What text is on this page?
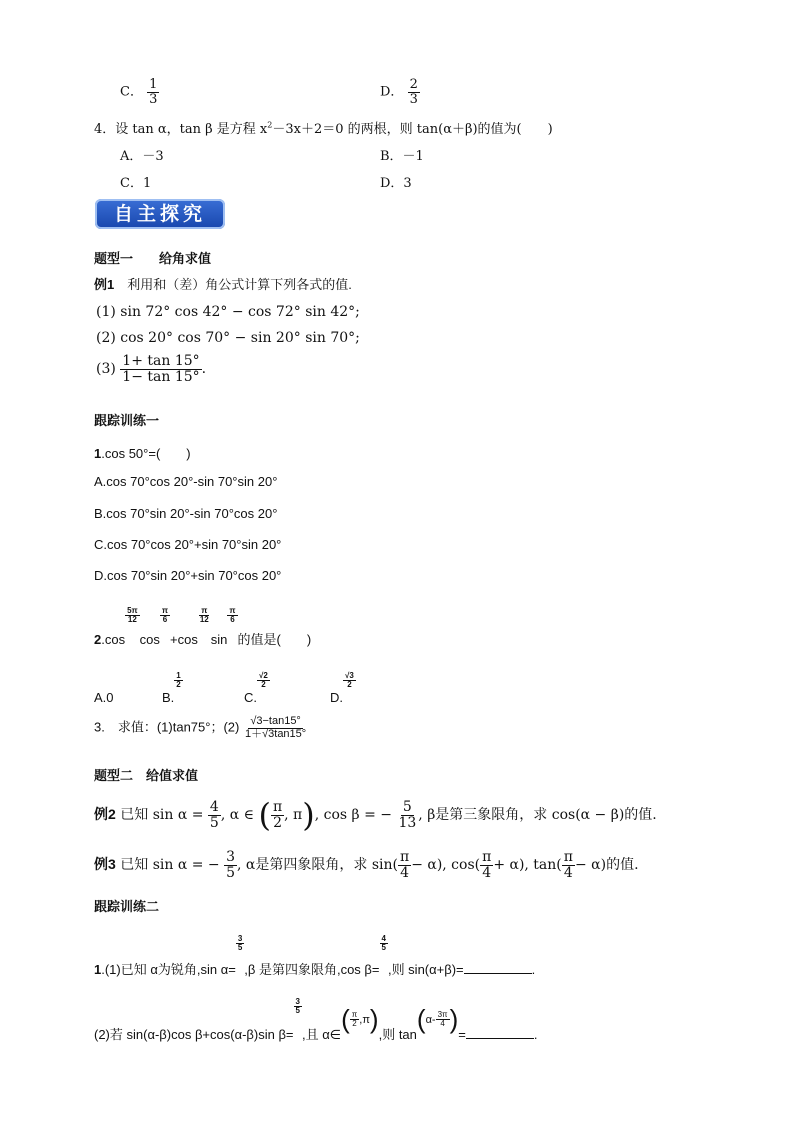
C． $\frac{1}{3}$	D． $\frac{2}{3}$
4．设 tan α，tan β 是方程 $x^2-3x+2=0$ 的两根，则 tan(α＋β)的值为(　　)
A．－3	B．－1
C．1	D．3
自主探究
题型一　　给角求值
例1　利用和（差）角公式计算下列各式的值.
(1) sin 72° cos 42° − cos 72° sin 42°;
(2) cos 20° cos 70° − sin 20° sin 70°;
$(3) \frac{1+ \tan 15^\circ}{1- \tan 15^\circ}$ .
跟踪训练一
1.cos 50°=(　　)
A.cos 70°cos 20°-sin 70°sin 20°
B.cos 70°sin 20°-sin 70°cos 20°
C.cos 70°cos 20°+sin 70°sin 20°
D.cos 70°sin 20°+sin 70°cos 20°
2.cos
$\frac{5\pi}{12}$
cos
$\frac{\pi}{6}$
+cos
$\frac{\pi}{12}$
sin
$\frac{\pi}{6}$
的值是(　　)
A.0	B.
$\frac{1}{2}$
C.
$\frac{√2}{2}$
D.
$\frac{√3}{2}$
3.　求值：(1)tan75°；$(2) \frac{√3-\tan 15^\circ}{1+√3\tan 15^\circ}$
题型二　给值求值
例2 已知 $\sin \alpha = \frac{4}{5}$ , α ∈ ( $\frac{\pi}{2}$ , π), cos β = − $\frac{5}{13}$ , β是第三象限角，求 cos(α − β)的值.
例3 已知 sin α = − $\frac{3}{5}$ , α是第四象限角，求 $\sin( \frac{\pi}{4} - \alpha)$, $\cos( \frac{\pi}{4} + \alpha)$, $\tan( \frac{\pi}{4} - \alpha)$的值.
跟踪训练二
1.(1)已知 α为锐角,sin α=
$\frac{3}{5}$
,β 是第四象限角,cos β=
$\frac{4}{5}$
,则 sin(α+β)=	.
(2)若 sin(α-β)cos β+cos(α-β)sin β=
$\frac{3}{5}$
,且 α∈( $\frac{\pi}{2} ,\pi$),则 $\tan(\alpha- \frac{3\pi}{4}$ )=	.
